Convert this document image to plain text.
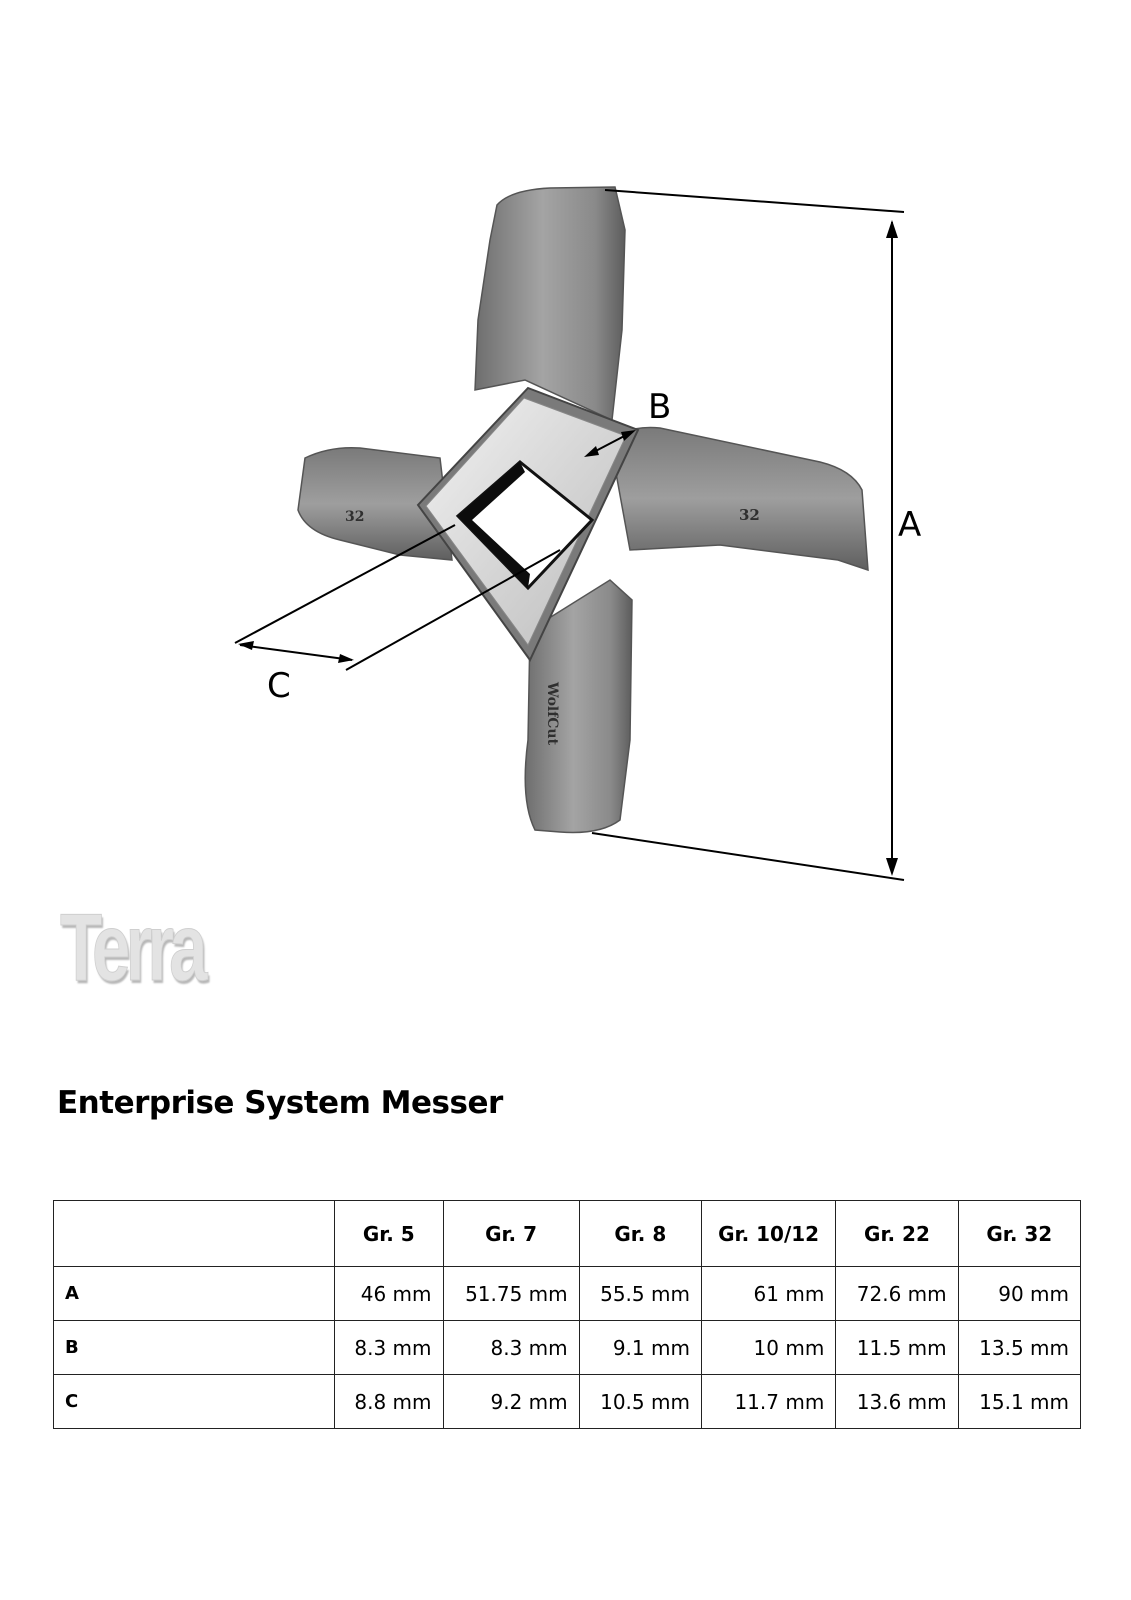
32	32
WolfCut
A
B
C
Terra
Enterprise System Messer
	Gr. 5	Gr. 7	Gr. 8	Gr. 10/12	Gr. 22	Gr. 32
A	46 mm	51.75 mm	55.5 mm	61 mm	72.6 mm	90 mm
B	8.3 mm	8.3 mm	9.1 mm	10 mm	11.5 mm	13.5 mm
C	8.8 mm	9.2 mm	10.5 mm	11.7 mm	13.6 mm	15.1 mm
